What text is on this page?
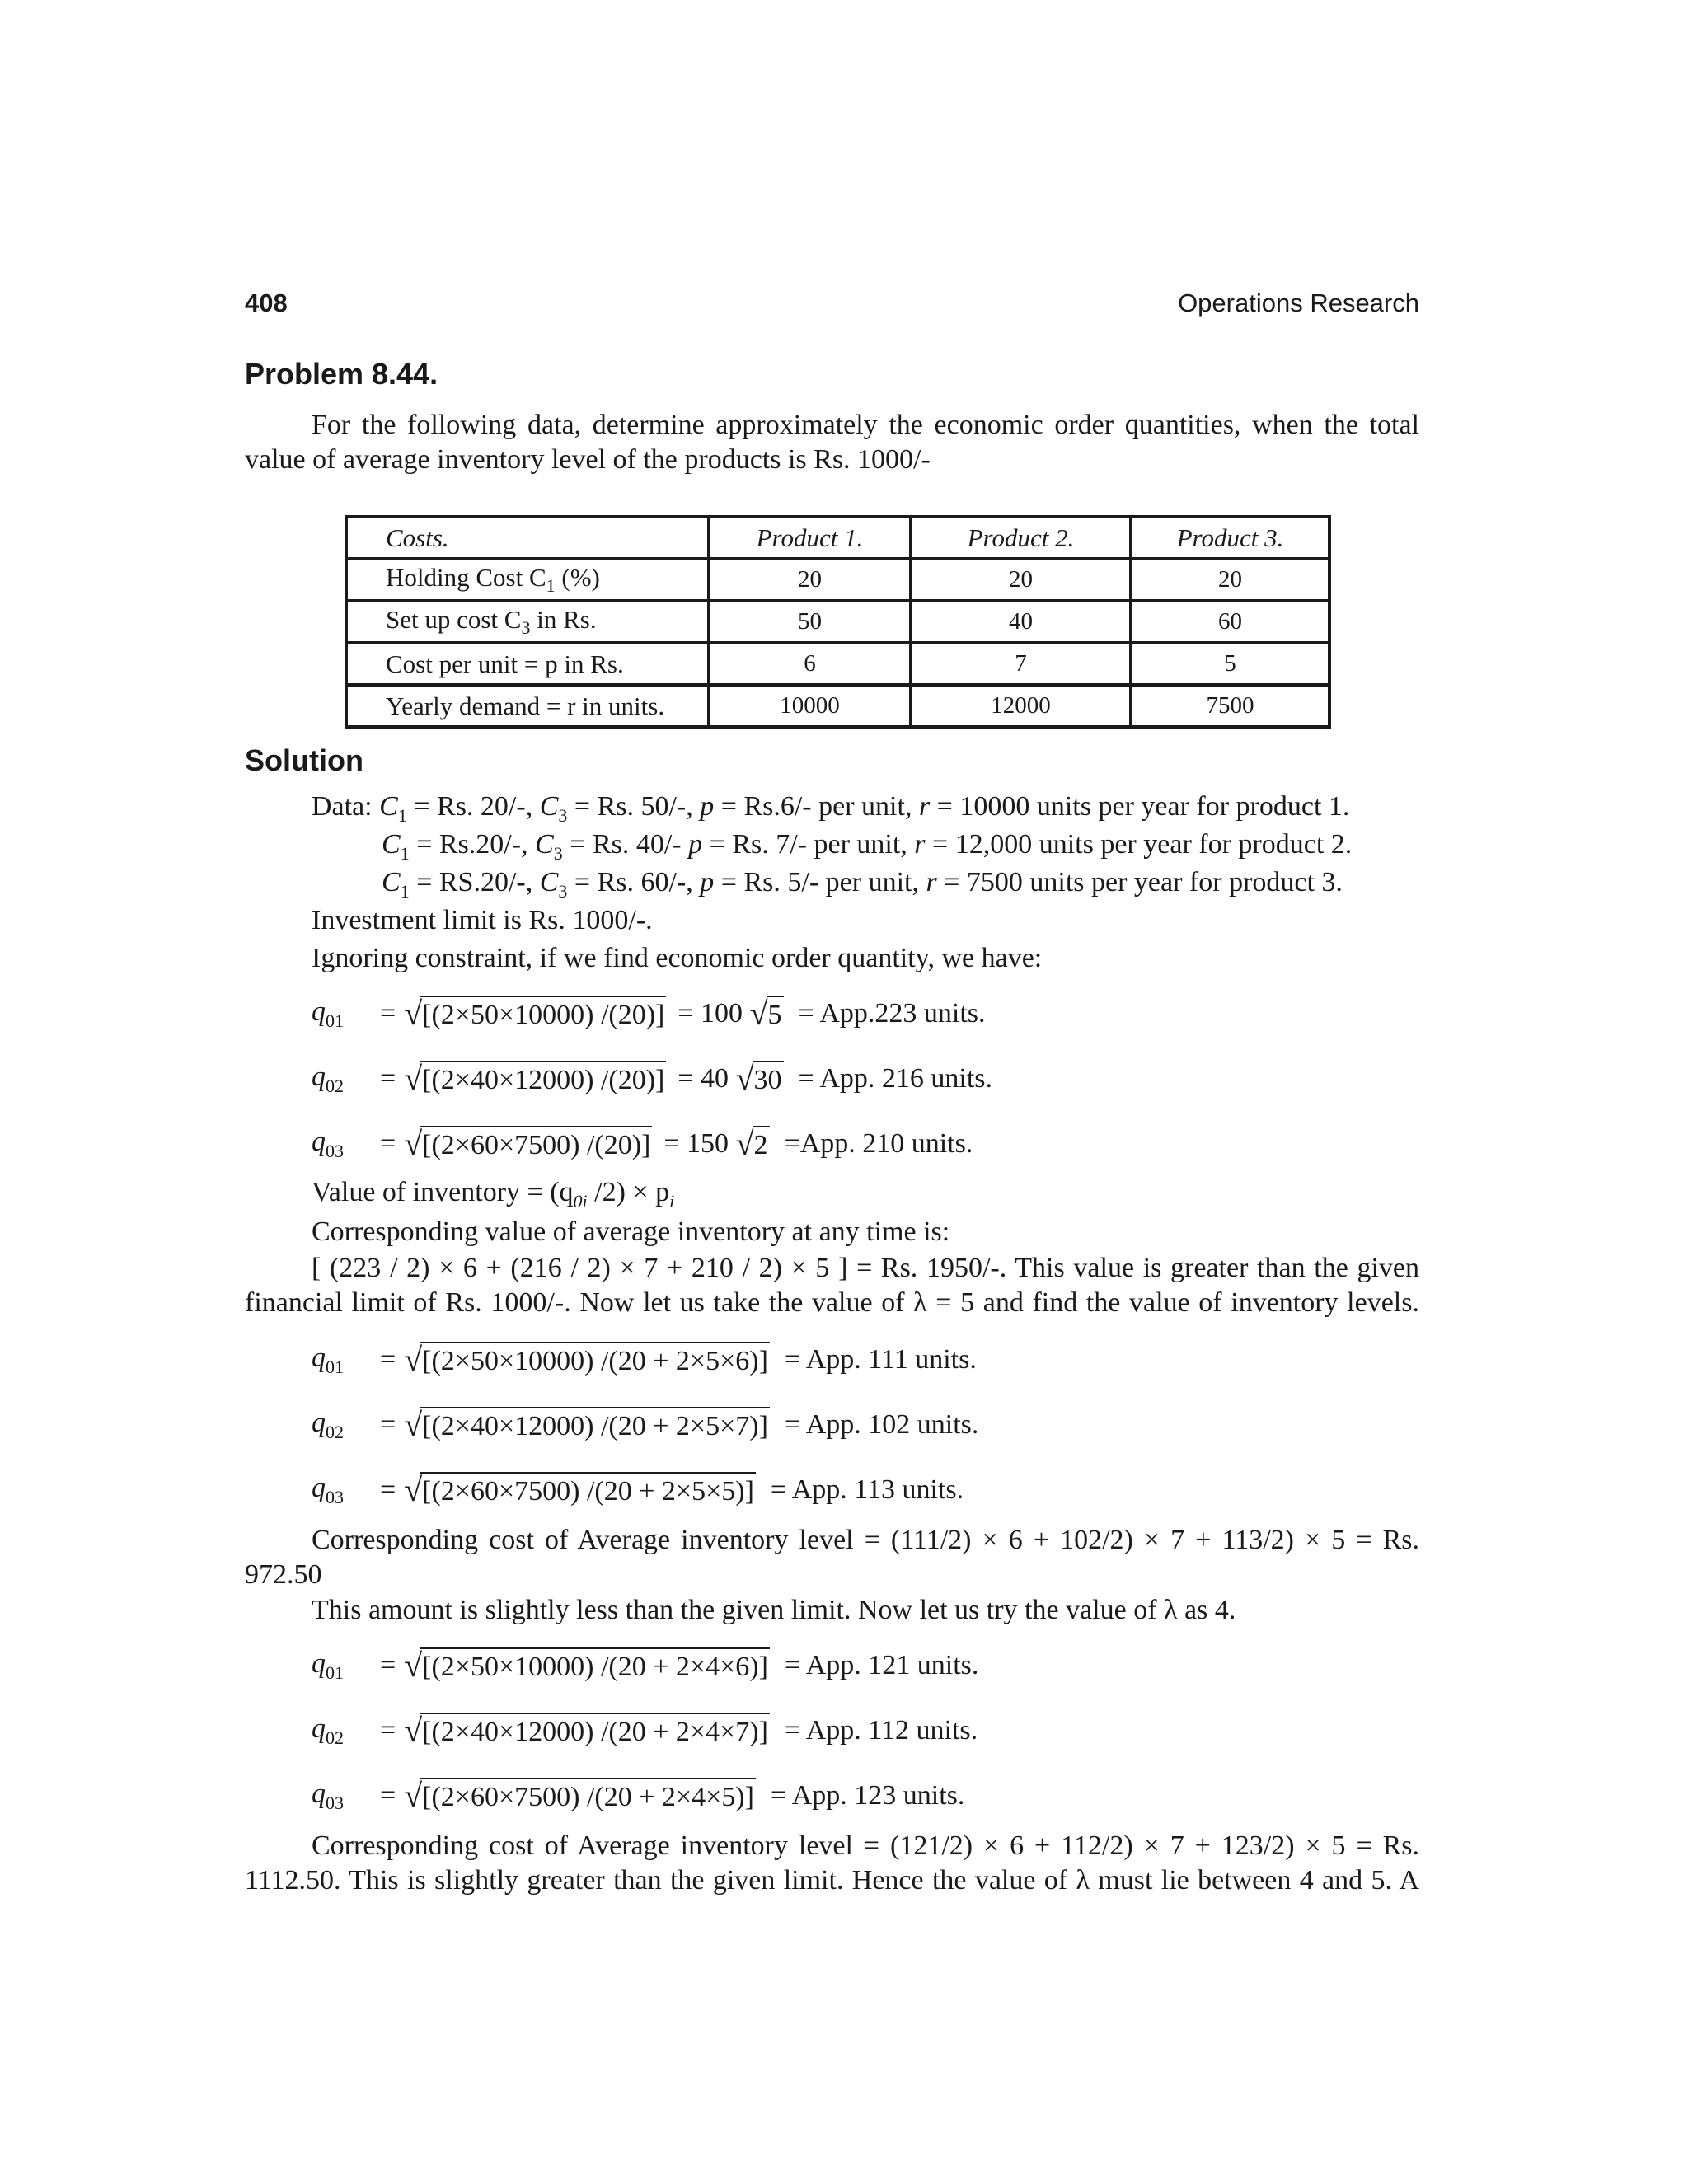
408	Operations Research
Problem 8.44.
For the following data, determine approximately the economic order quantities, when the total
value of average inventory level of the products is Rs. 1000/-
Costs.	Product 1.	Product 2.	Product 3.
Holding Cost $C_1$ (%)	20	20	20
Set up cost $C_3$ in Rs.	50	40	60
Cost per unit = p in Rs.	6	7	5
Yearly demand = r in units.	10000	12000	7500
Solution
Data: $C_1 = Rs$. 20/-, $C_3 = Rs$. 50/-, p = Rs.6/- per unit, r = 10000 units per year for product 1.
$C_1 = Rs.20/-$, $C_3 = Rs$. 40/- p = Rs. 7/- per unit, r = 12,000 units per year for product 2.
$C_1 = RS.20/-$, $C_3 = Rs$. 60/-, p = Rs. 5/- per unit, r = 7500 units per year for product 3.
Investment limit is Rs. 1000/-.
Ignoring constraint, if we find economic order quantity, we have:
$q_{01}$	= √ [(2×50×10000) /(20)] = 100
√ 5 = App.223 units.
$q_{02}$	= √ [(2×40×12000) /(20)] = 40
√ 30 = App. 216 units.
$q_{03}$	= √ [(2×60×7500) /(20)] = 150
√ 2 =App. 210 units.
Value of inventory = ($q_{0i}$ $/2) \times p_i$
Corresponding value of average inventory at any time is:
[ (223 / 2) × 6 + (216 / 2) × 7 + 210 / 2) × 5 ] = Rs. 1950/-. This value is greater than the given
financial limit of Rs. 1000/-. Now let us take the value of λ = 5 and find the value of inventory levels.
$q_{01}$	= √ [(2×50×10000) /(20 + 2×5×6)] = App. 111 units.
$q_{02}$	= √ [(2×40×12000) /(20 + 2×5×7)] = App. 102 units.
$q_{03}$	= √ [(2×60×7500) /(20 + 2×5×5)] = App. 113 units.
Corresponding cost of Average inventory level = (111/2) × 6 + 102/2) × 7 + 113/2) × 5 = Rs.
972.50
This amount is slightly less than the given limit. Now let us try the value of λ as 4.
$q_{01}$	= √ [(2×50×10000) /(20 + 2×4×6)] = App. 121 units.
$q_{02}$	= √ [(2×40×12000) /(20 + 2×4×7)] = App. 112 units.
$q_{03}$	= √ [(2×60×7500) /(20 + 2×4×5)] = App. 123 units.
Corresponding cost of Average inventory level = (121/2) × 6 + 112/2) × 7 + 123/2) × 5 = Rs.
1112.50. This is slightly greater than the given limit. Hence the value of λ must lie between 4 and 5. A
